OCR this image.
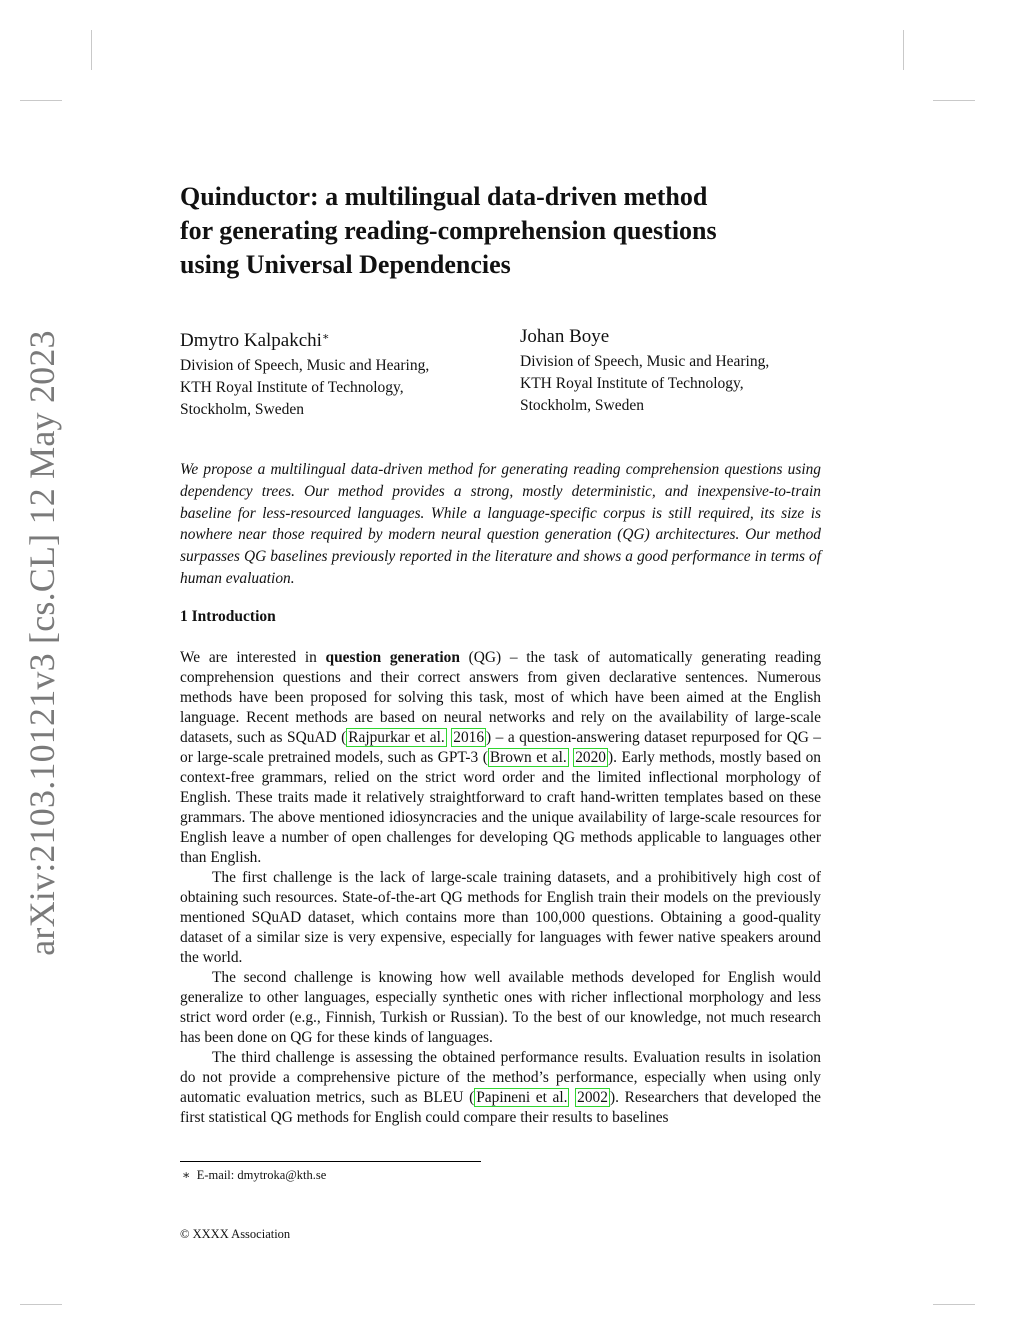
arXiv:2103.10121v3 [cs.CL] 12 May 2023
Quinductor: a multilingual data-driven method
for generating reading-comprehension questions
using Universal Dependencies
Dmytro Kalpakchi∗
Division of Speech, Music and Hearing,
KTH Royal Institute of Technology,
Stockholm, Sweden
Johan Boye
Division of Speech, Music and Hearing,
KTH Royal Institute of Technology,
Stockholm, Sweden

We propose a multilingual data-driven method for generating reading comprehension questions using dependency trees. Our method provides a strong, mostly deterministic, and inexpensive-to-train baseline for less-resourced languages. While a language-specific corpus is still required, its size is nowhere near those required by modern neural question generation (QG) architectures. Our method surpasses QG baselines previously reported in the literature and shows a good performance in terms of human evaluation.

1 Introduction

We are interested in question generation (QG) – the task of automatically generating reading comprehension questions and their correct answers from given declarative sentences. Numerous methods have been proposed for solving this task, most of which have been aimed at the English language. Recent methods are based on neural networks and rely on the availability of large-scale datasets, such as SQuAD ( Rajpurkar et al. 2016 ) – a question-answering dataset repurposed for QG – or large-scale pretrained models, such as GPT-3 ( Brown et al. 2020 ). Early methods, mostly based on context-free grammars, relied on the strict word order and the limited inflectional morphology of English. These traits made it relatively straightforward to craft hand-written templates based on these grammars. The above mentioned idiosyncracies and the unique availability of large-scale resources for English leave a number of open challenges for developing QG methods applicable to languages other than English.

The first challenge is the lack of large-scale training datasets, and a prohibitively high cost of obtaining such resources. State-of-the-art QG methods for English train their models on the previously mentioned SQuAD dataset, which contains more than 100,000 questions. Obtaining a good-quality dataset of a similar size is very expensive, especially for languages with fewer native speakers around the world.

The second challenge is knowing how well available methods developed for English would generalize to other languages, especially synthetic ones with richer inflectional morphology and less strict word order (e.g., Finnish, Turkish or Russian). To the best of our knowledge, not much research has been done on QG for these kinds of languages.

The third challenge is assessing the obtained performance results. Evaluation results in isolation do not provide a comprehensive picture of the method’s performance, especially when using only automatic evaluation metrics, such as BLEU ( Papineni et al. 2002 ). Researchers that developed the first statistical QG methods for English could compare their results to baselines

∗ E-mail: dmytroka@kth.se
© XXXX Association
